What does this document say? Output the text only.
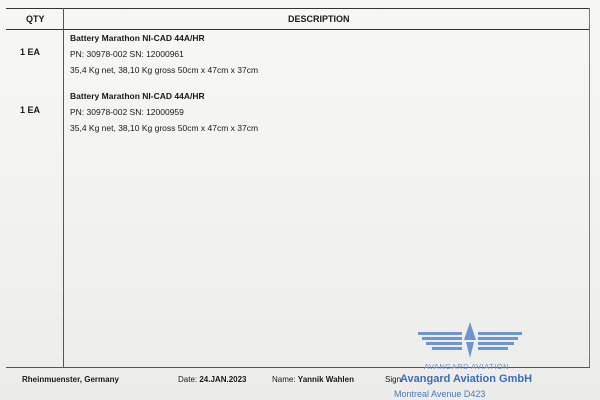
QTY	DESCRIPTION
1 EA
Battery Marathon NI-CAD 44A/HR
PN: 30978-002 SN: 12000961
35,4 Kg net, 38,10 Kg gross 50cm x 47cm x 37cm
1 EA
Battery Marathon NI-CAD 44A/HR
PN: 30978-002 SN: 12000959
35,4 Kg net, 38,10 Kg gross 50cm x 47cm x 37cm
Rheinmuenster, Germany	Date: 24.JAN.2023	Name: Yannik Wahlen	Sign:
AVANGARD AVIATION
Avangard Aviation GmbH
Montreal Avenue D423
